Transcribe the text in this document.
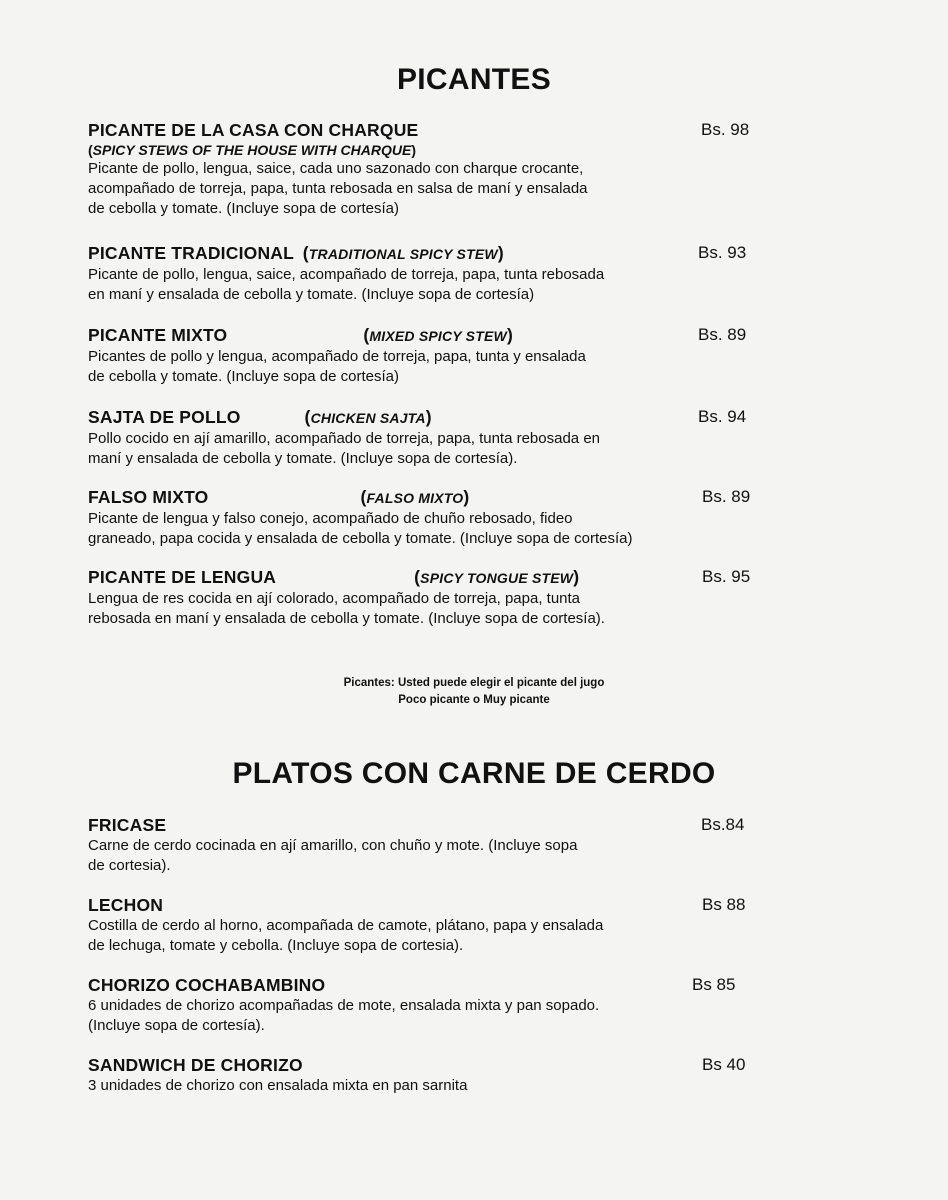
PICANTES
PICANTE DE LA CASA CON CHARQUE
(SPICY STEWS OF THE HOUSE WITH CHARQUE)
Picante de pollo, lengua, saice, cada uno sazonado con charque crocante,
acompañado de torreja, papa, tunta rebosada en salsa de maní y ensalada
de cebolla y tomate. (Incluye sopa de cortesía)
Bs. 98
PICANTE TRADICIONAL (TRADITIONAL SPICY STEW)
Picante de pollo, lengua, saice, acompañado de torreja, papa, tunta rebosada
en maní y ensalada de cebolla y tomate. (Incluye sopa de cortesía)
Bs. 93
PICANTE MIXTO	(MIXED SPICY STEW)
Picantes de pollo y lengua, acompañado de torreja, papa, tunta y ensalada
de cebolla y tomate. (Incluye sopa de cortesía)
Bs. 89
SAJTA DE POLLO	(CHICKEN SAJTA)
Pollo cocido en ají amarillo, acompañado de torreja, papa, tunta rebosada en
maní y ensalada de cebolla y tomate. (Incluye sopa de cortesía).
Bs. 94
FALSO MIXTO	(FALSO MIXTO)
Picante de lengua y falso conejo, acompañado de chuño rebosado, fideo
graneado, papa cocida y ensalada de cebolla y tomate. (Incluye sopa de cortesía)
Bs. 89
PICANTE DE LENGUA	(SPICY TONGUE STEW)
Lengua de res cocida en ají colorado, acompañado de torreja, papa, tunta
rebosada en maní y ensalada de cebolla y tomate. (Incluye sopa de cortesía).
Bs. 95
Picantes: Usted puede elegir el picante del jugo
Poco picante o Muy picante
PLATOS CON CARNE DE CERDO
FRICASE
Carne de cerdo cocinada en ají amarillo, con chuño y mote. (Incluye sopa
de cortesia).
Bs.84
LECHON
Costilla de cerdo al horno, acompañada de camote, plátano, papa y ensalada
de lechuga, tomate y cebolla. (Incluye sopa de cortesia).
Bs 88
CHORIZO COCHABAMBINO
6 unidades de chorizo acompañadas de mote, ensalada mixta y pan sopado.
(Incluye sopa de cortesía).
Bs 85
SANDWICH DE CHORIZO
3 unidades de chorizo con ensalada mixta en pan sarnita
Bs 40
